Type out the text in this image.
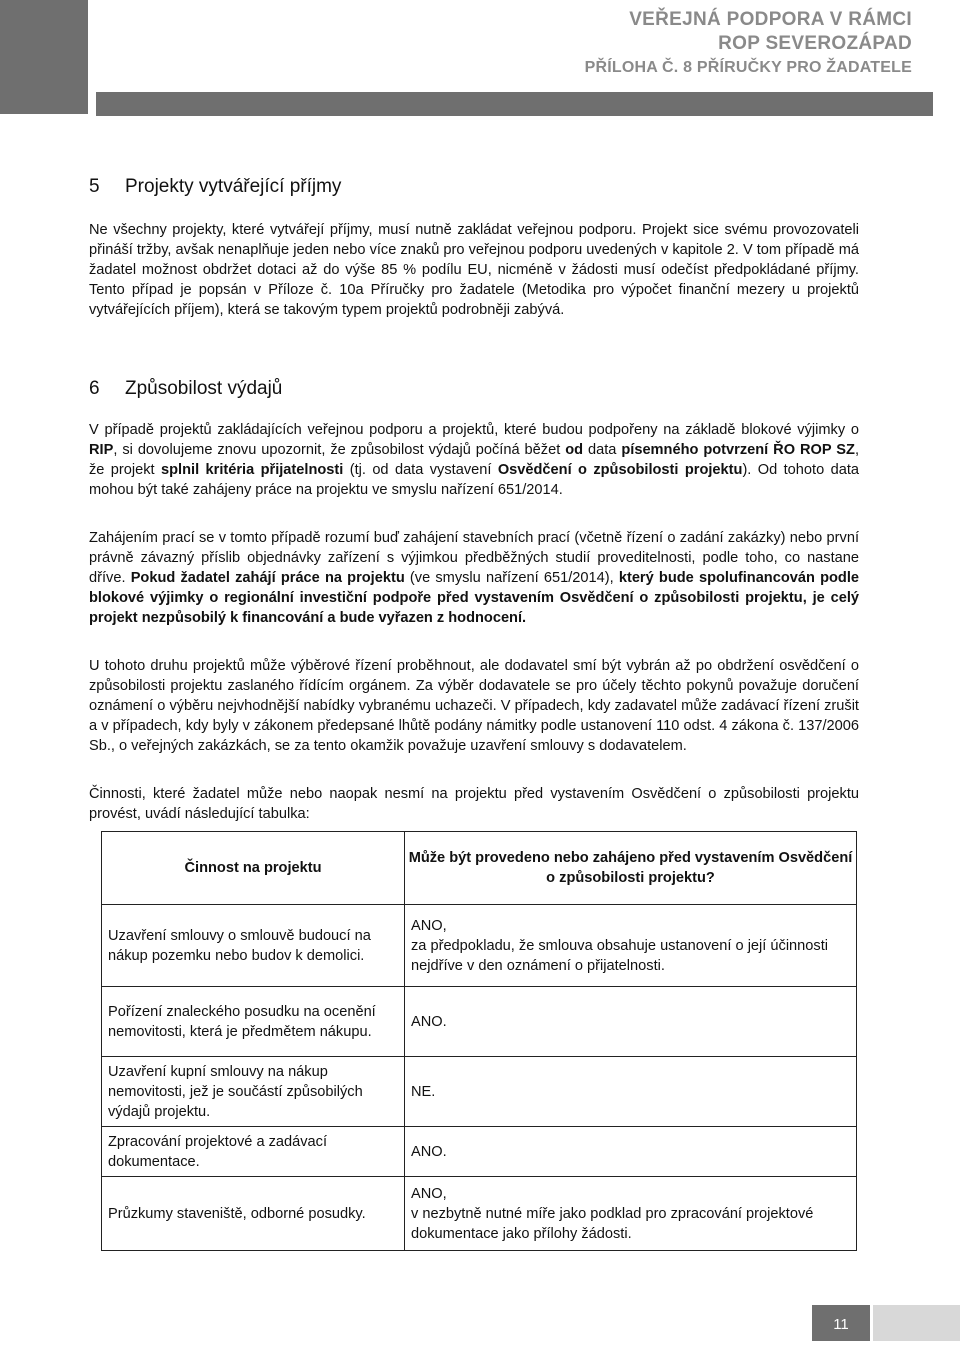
VEŘEJNÁ PODPORA V RÁMCI
ROP SEVEROZÁPAD
PŘÍLOHA Č. 8 PŘÍRUČKY PRO ŽADATELE
5 Projekty vytvářející příjmy

Ne všechny projekty, které vytvářejí příjmy, musí nutně zakládat veřejnou podporu. Projekt sice svému provozovateli přináší tržby, avšak nenaplňuje jeden nebo více znaků pro veřejnou podporu uvedených v kapitole 2. V tom případě má žadatel možnost obdržet dotaci až do výše 85 % podílu EU, nicméně v žádosti musí odečíst předpokládané příjmy. Tento případ je popsán v Příloze č. 10a Příručky pro žadatele (Metodika pro výpočet finanční mezery u projektů vytvářejících příjem), která se takovým typem projektů podrobněji zabývá.

6 Způsobilost výdajů

V případě projektů zakládajících veřejnou podporu a projektů, které budou podpořeny na základě blokové výjimky o RIP, si dovolujeme znovu upozornit, že způsobilost výdajů počíná běžet od data písemného potvrzení ŘO ROP SZ, že projekt splnil kritéria přijatelnosti (tj. od data vystavení Osvědčení o způsobilosti projektu). Od tohoto data mohou být také zahájeny práce na projektu ve smyslu nařízení 651/2014.

Zahájením prací se v tomto případě rozumí buď zahájení stavebních prací (včetně řízení o zadání zakázky) nebo první právně závazný příslib objednávky zařízení s výjimkou předběžných studií proveditelnosti, podle toho, co nastane dříve. Pokud žadatel zahájí práce na projektu (ve smyslu nařízení 651/2014), který bude spolufinancován podle blokové výjimky o regionální investiční podpoře před vystavením Osvědčení o způsobilosti projektu, je celý projekt nezpůsobilý k financování a bude vyřazen z hodnocení.

U tohoto druhu projektů může výběrové řízení proběhnout, ale dodavatel smí být vybrán až po obdržení osvědčení o způsobilosti projektu zaslaného řídícím orgánem. Za výběr dodavatele se pro účely těchto pokynů považuje doručení oznámení o výběru nejvhodnější nabídky vybranému uchazeči. V případech, kdy zadavatel může zadávací řízení zrušit a v případech, kdy byly v zákonem předepsané lhůtě podány námitky podle ustanovení 110 odst. 4 zákona č. 137/2006 Sb., o veřejných zakázkách, se za tento okamžik považuje uzavření smlouvy s dodavatelem.

Činnosti, které žadatel může nebo naopak nesmí na projektu před vystavením Osvědčení o způsobilosti projektu provést, uvádí následující tabulka:

Činnost na projektu	Může být provedeno nebo zahájeno před vystavením Osvědčení o způsobilosti projektu?
Uzavření smlouvy o smlouvě budoucí na nákup pozemku nebo budov k demolici.	ANO,
za předpokladu, že smlouva obsahuje ustanovení o její účinnosti nejdříve v den oznámení o přijatelnosti.

Pořízení znaleckého posudku na ocenění nemovitosti, která je předmětem nákupu.	ANO.

Uzavření kupní smlouvy na nákup nemovitosti, jež je součástí způsobilých výdajů projektu.	NE.

Zpracování projektové a zadávací dokumentace.	ANO.

Průzkumy staveniště, odborné posudky.	ANO,
v nezbytně nutné míře jako podklad pro zpracování projektové dokumentace jako přílohy žádosti.
11
